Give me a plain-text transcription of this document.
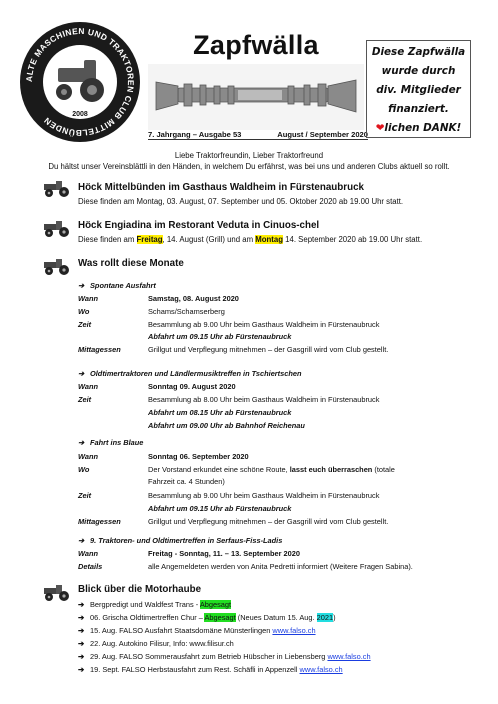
2008
ALTE MASCHINEN UND TRAKTOREN CLUB MITTELBÜNDEN
Zapfwälla
7. Jahrgang – Ausgabe 53	August / September 2020
Diese Zapfwälla
wurde durch
div. Mitglieder
finanziert.
❤lichen DANK!
Liebe Traktorfreundin, Lieber Traktorfreund
Du hältst unser Vereinsblättli in den Händen, in welchem Du erfährst, was bei uns und anderen Clubs aktuell so rollt.
Höck Mittelbünden im Gasthaus Waldheim in Fürstenaubruck
Diese finden am Montag, 03. August, 07. September und 05. Oktober 2020 ab 19.00 Uhr statt.
Höck Engiadina im Restorant Veduta in Cinuos-chel
Diese finden am Freitag, 14. August (Grill) und am Montag 14. September 2020 ab 19.00 Uhr statt.
Was rollt diese Monate
➔ Spontane Ausfahrt
Wann	Samstag, 08. August 2020
Wo	Schams/Schamserberg
Zeit	Besammlung ab 9.00 Uhr beim Gasthaus Waldheim in Fürstenaubruck
Abfahrt um 09.15 Uhr ab Fürstenaubruck
Mittagessen	Grillgut und Verpflegung mitnehmen – der Gasgrill wird vom Club gestellt.
➔ Oldtimertraktoren und Ländlermusiktreffen in Tschiertschen
Wann	Sonntag 09. August 2020
Zeit	Besammlung ab 8.00 Uhr beim Gasthaus Waldheim in Fürstenaubruck
Abfahrt um 08.15 Uhr ab Fürstenaubruck
Abfahrt um 09.00 Uhr ab Bahnhof Reichenau
➔ Fahrt ins Blaue
Wann	Sonntag 06. September 2020
Wo	Der Vorstand erkundet eine schöne Route, lasst euch überraschen (totale
Fahrzeit ca. 4 Stunden)
Zeit	Besammlung ab 9.00 Uhr beim Gasthaus Waldheim in Fürstenaubruck
Abfahrt um 09.15 Uhr ab Fürstenaubruck
Mittagessen	Grillgut und Verpflegung mitnehmen – der Gasgrill wird vom Club gestellt.
➔ 9. Traktoren- und Oldtimertreffen in Serfaus-Fiss-Ladis
Wann	Freitag - Sonntag, 11. – 13. September 2020
Details	alle Angemeldeten werden von Anita Pedretti informiert (Weitere Fragen Sabina).
Blick über die Motorhaube
➔ Bergpredigt und Waldfest Trans - Abgesagt
➔ 06. Grischa Oldtimertreffen Chur – Abgesagt (Neues Datum 15. Aug. 2021)
➔ 15. Aug. FALSO Ausfahrt Staatsdomäne Münsterlingen www.falso.ch
➔ 22. Aug. Autokino Filisur, Info: www.filisur.ch
➔ 29. Aug. FALSO Sommerausfahrt zum Betrieb Hübscher in Liebensberg www.falso.ch
➔ 19. Sept. FALSO Herbstausfahrt zum Rest. Schäfli in Appenzell www.falso.ch
